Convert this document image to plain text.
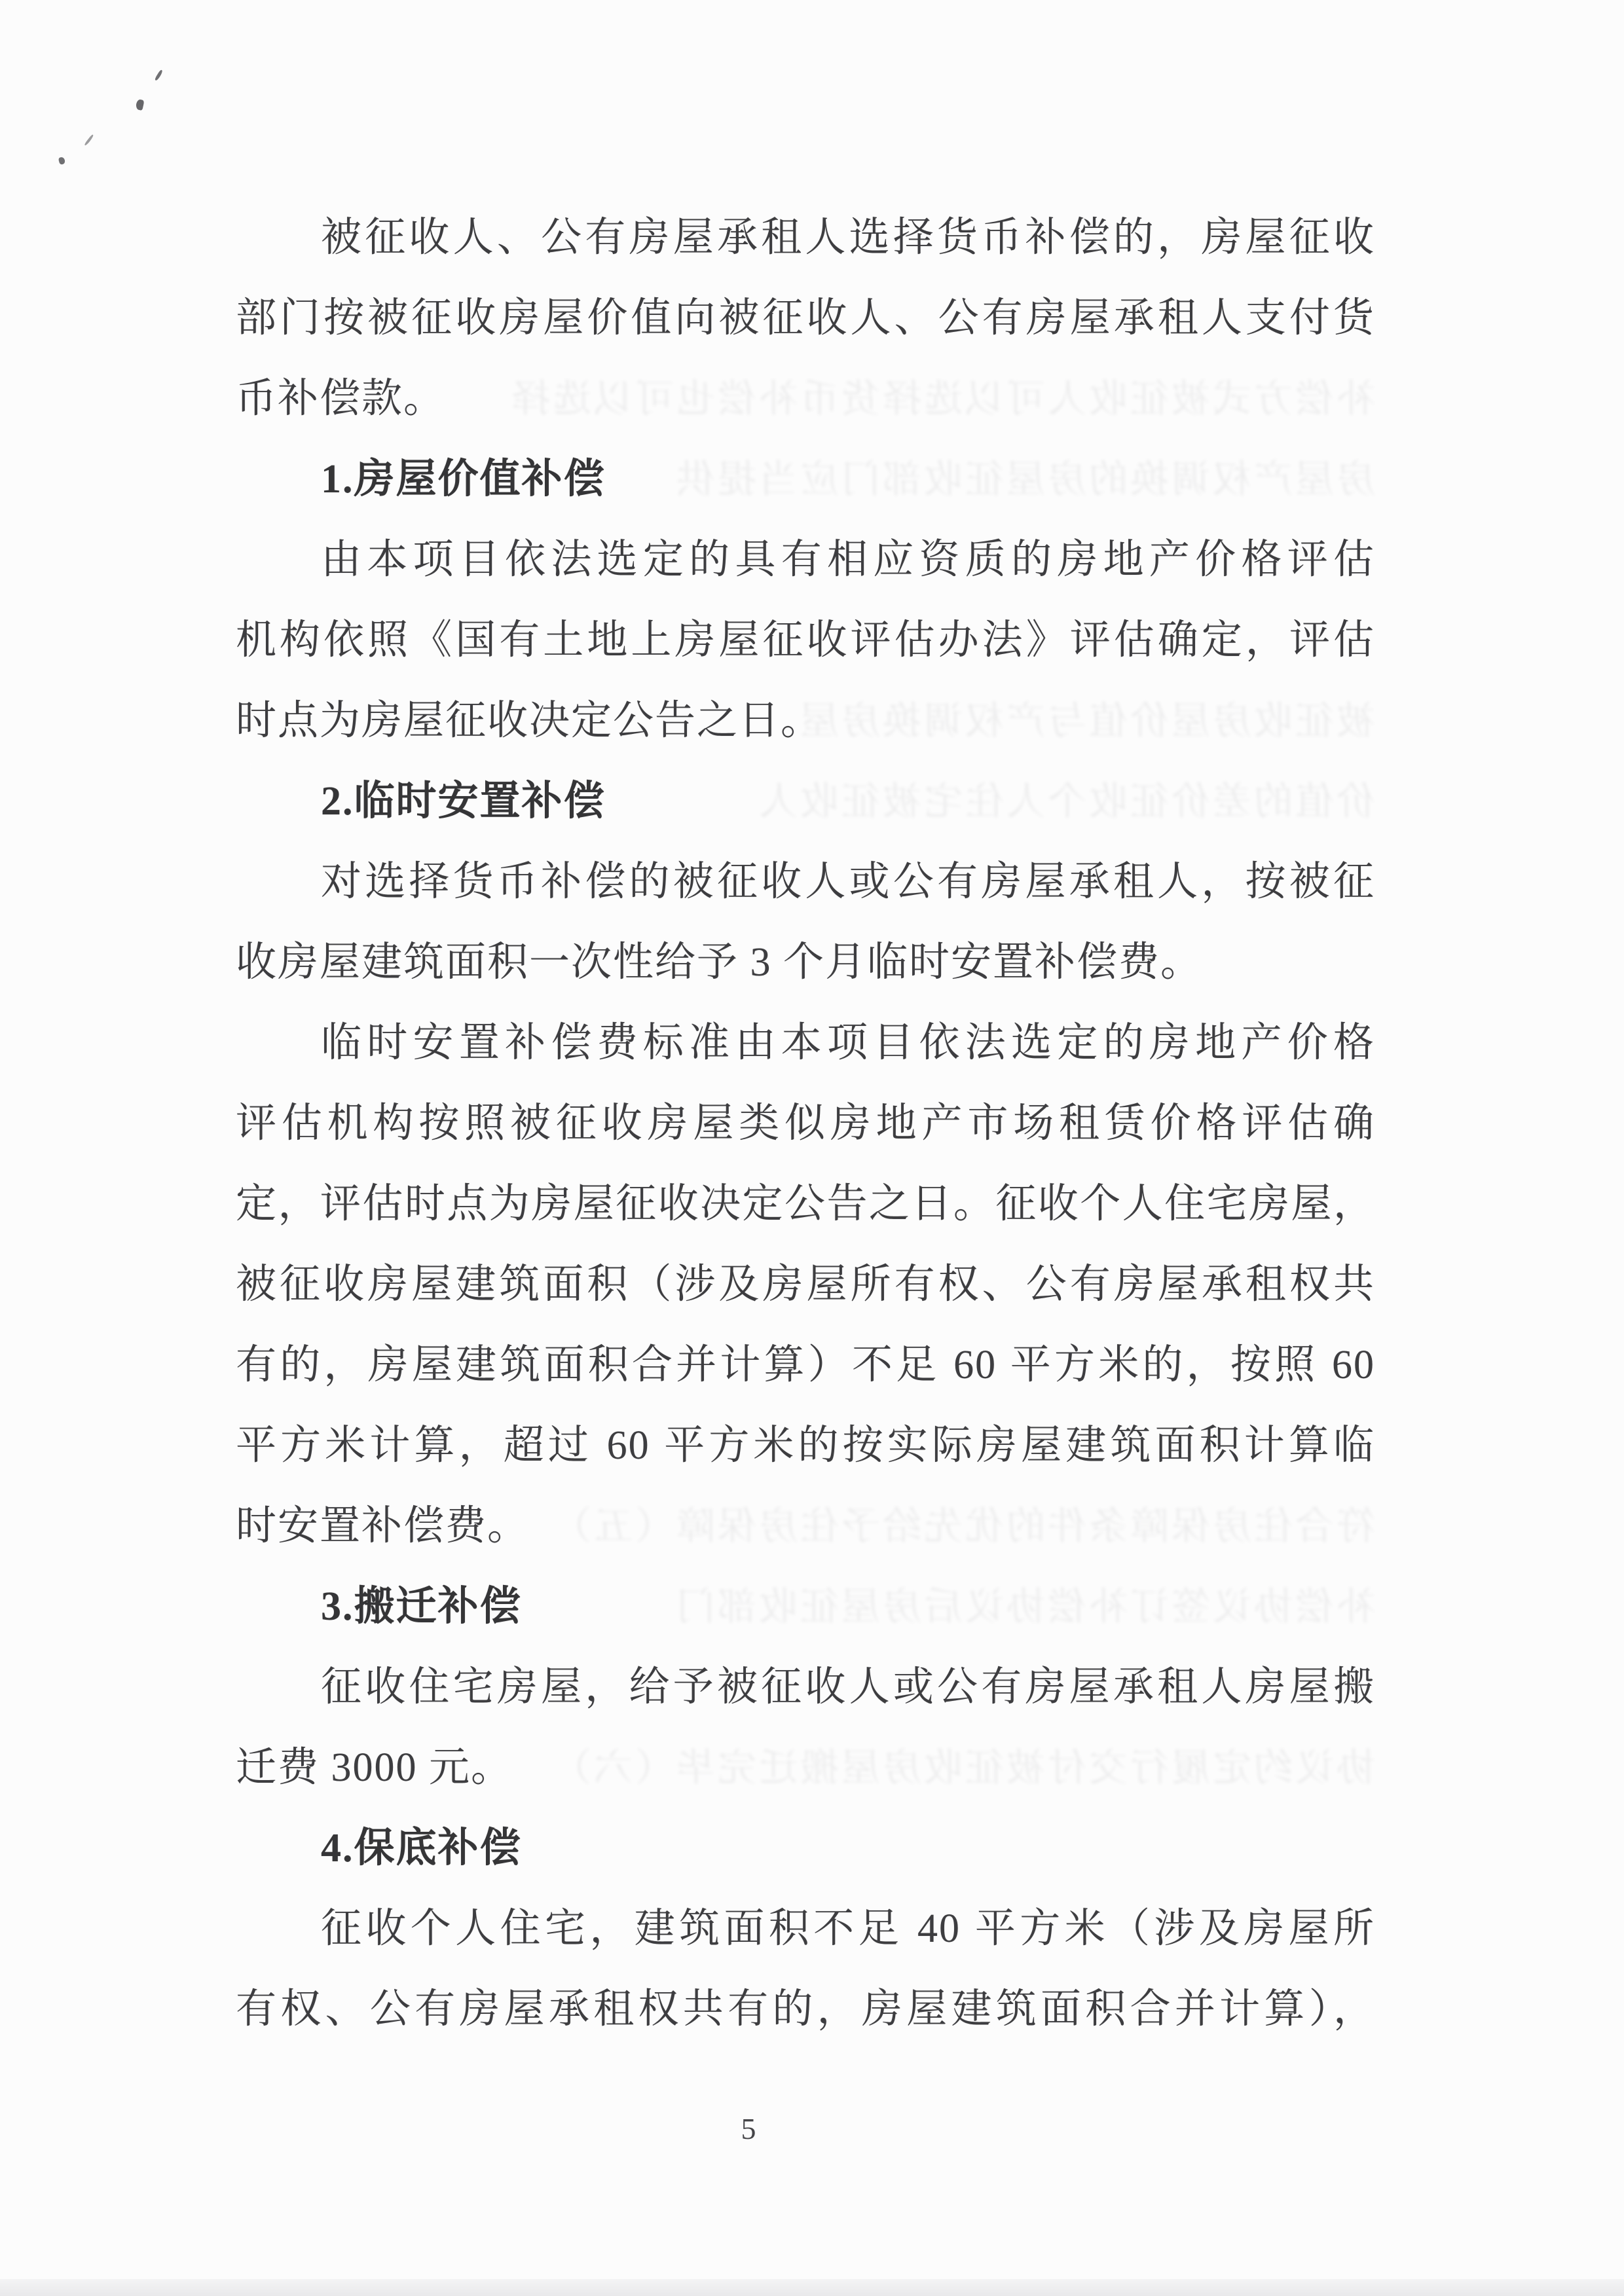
补偿方式被征收人可以选择货币补偿也可以选择
房屋产权调换的房屋征收部门应当提供
被征收房屋价值与产权调换房屋
价值的差价征收个人住宅被征收人
符合住房保障条件的优先给予住房保障（五）
补偿协议签订补偿协议后房屋征收部门
协议约定履行交付被征收房屋搬迁完毕（六）
被征收人、公有房屋承租人选择货币补偿的，房屋征收
部门按被征收房屋价值向被征收人、公有房屋承租人支付货
币补偿款。
1.房屋价值补偿
由本项目依法选定的具有相应资质的房地产价格评估
机构依照《国有土地上房屋征收评估办法》评估确定，评估
时点为房屋征收决定公告之日。
2.临时安置补偿
对选择货币补偿的被征收人或公有房屋承租人，按被征
收房屋建筑面积一次性给予 3 个月临时安置补偿费。
临时安置补偿费标准由本项目依法选定的房地产价格
评估机构按照被征收房屋类似房地产市场租赁价格评估确
定，评估时点为房屋征收决定公告之日。征收个人住宅房屋，
被征收房屋建筑面积（涉及房屋所有权、公有房屋承租权共
有的，房屋建筑面积合并计算）不足 60 平方米的，按照 60
平方米计算，超过 60 平方米的按实际房屋建筑面积计算临
时安置补偿费。
3.搬迁补偿
征收住宅房屋，给予被征收人或公有房屋承租人房屋搬
迁费 3000 元。
4.保底补偿
征收个人住宅，建筑面积不足 40 平方米（涉及房屋所
有权、公有房屋承租权共有的，房屋建筑面积合并计算），
5
